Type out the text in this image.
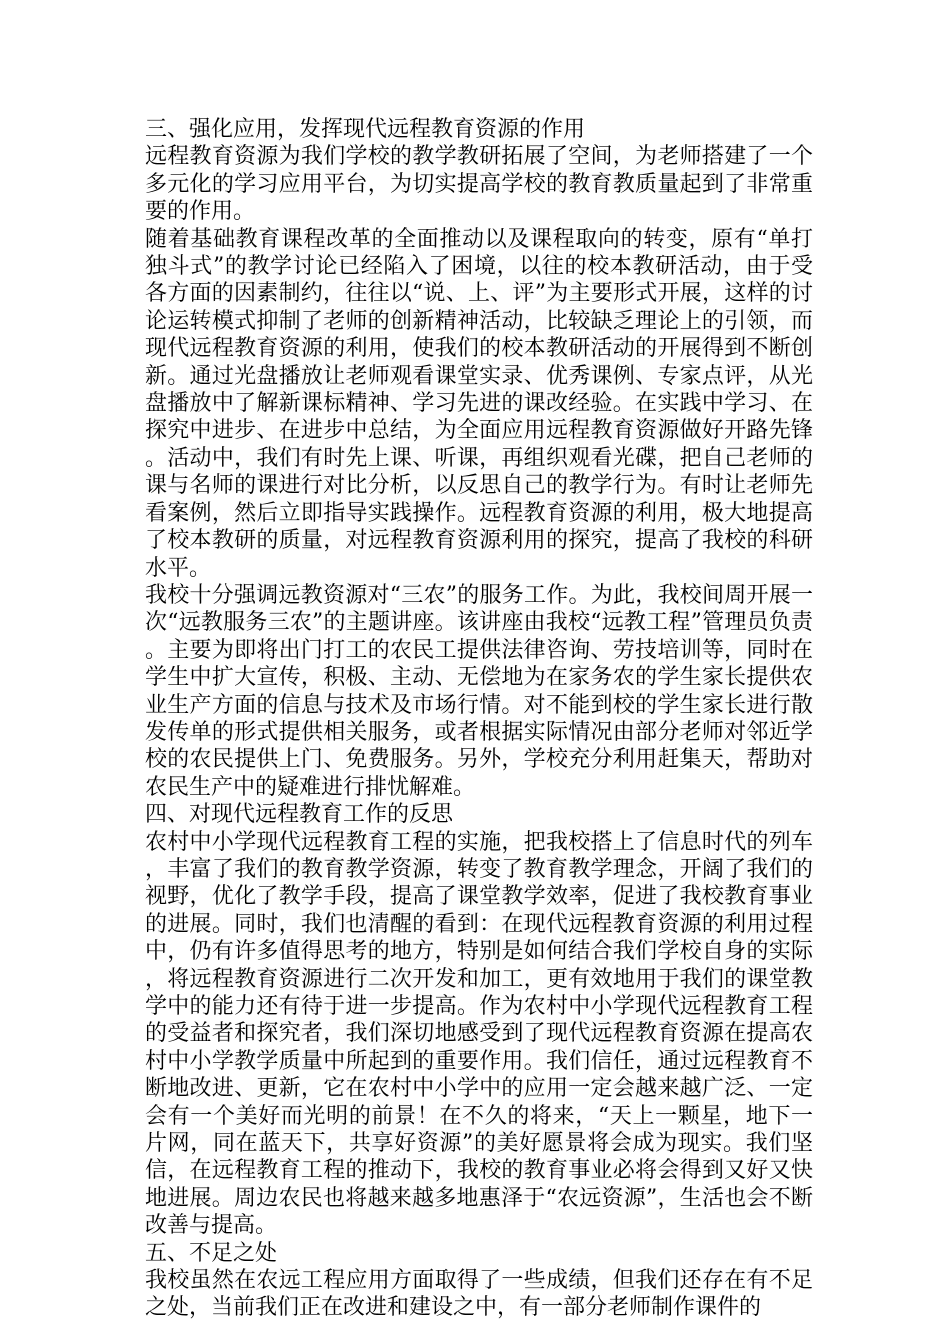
三、强化应用，发挥现代远程教育资源的作用

远程教育资源为我们学校的教学教研拓展了空间，为老师搭建了一个多元化的学习应用平台，为切实提高学校的教育教质量起到了非常重要的作用。

随着基础教育课程改革的全面推动以及课程取向的转变，原有“单打独斗式”的教学讨论已经陷入了困境，以往的校本教研活动，由于受各方面的因素制约，往往以“说、上、评”为主要形式开展，这样的讨论运转模式抑制了老师的创新精神活动，比较缺乏理论上的引领，而现代远程教育资源的利用，使我们的校本教研活动的开展得到不断创新。通过光盘播放让老师观看课堂实录、优秀课例、专家点评，从光盘播放中了解新课标精神、学习先进的课改经验。在实践中学习、在探究中进步、在进步中总结，为全面应用远程教育资源做好开路先锋。活动中，我们有时先上课、听课，再组织观看光碟，把自己老师的课与名师的课进行对比分析，以反思自己的教学行为。有时让老师先看案例，然后立即指导实践操作。远程教育资源的利用，极大地提高了校本教研的质量，对远程教育资源利用的探究，提高了我校的科研水平。

我校十分强调远教资源对“三农”的服务工作。为此，我校间周开展一次“远教服务三农”的主题讲座。该讲座由我校“远教工程”管理员负责。主要为即将出门打工的农民工提供法律咨询、劳技培训等，同时在学生中扩大宣传，积极、主动、无偿地为在家务农的学生家长提供农业生产方面的信息与技术及市场行情。对不能到校的学生家长进行散发传单的形式提供相关服务，或者根据实际情况由部分老师对邻近学校的农民提供上门、免费服务。另外，学校充分利用赶集天，帮助对农民生产中的疑难进行排忧解难。

四、对现代远程教育工作的反思

农村中小学现代远程教育工程的实施，把我校搭上了信息时代的列车，丰富了我们的教育教学资源，转变了教育教学理念，开阔了我们的视野，优化了教学手段，提高了课堂教学效率，促进了我校教育事业的进展。同时，我们也清醒的看到：在现代远程教育资源的利用过程中，仍有许多值得思考的地方，特别是如何结合我们学校自身的实际，将远程教育资源进行二次开发和加工，更有效地用于我们的课堂教学中的能力还有待于进一步提高。作为农村中小学现代远程教育工程的受益者和探究者，我们深切地感受到了现代远程教育资源在提高农村中小学教学质量中所起到的重要作用。我们信任，通过远程教育不断地改进、更新，它在农村中小学中的应用一定会越来越广泛、一定会有一个美好而光明的前景！在不久的将来，“天上一颗星，地下一片网，同在蓝天下，共享好资源”的美好愿景将会成为现实。我们坚信，在远程教育工程的推动下，我校的教育事业必将会得到又好又快地进展。周边农民也将越来越多地惠泽于“农远资源”，生活也会不断改善与提高。

五、不足之处

我校虽然在农远工程应用方面取得了一些成绩，但我们还存在有不足之处，当前我们正在改进和建设之中，有一部分老师制作课件的
